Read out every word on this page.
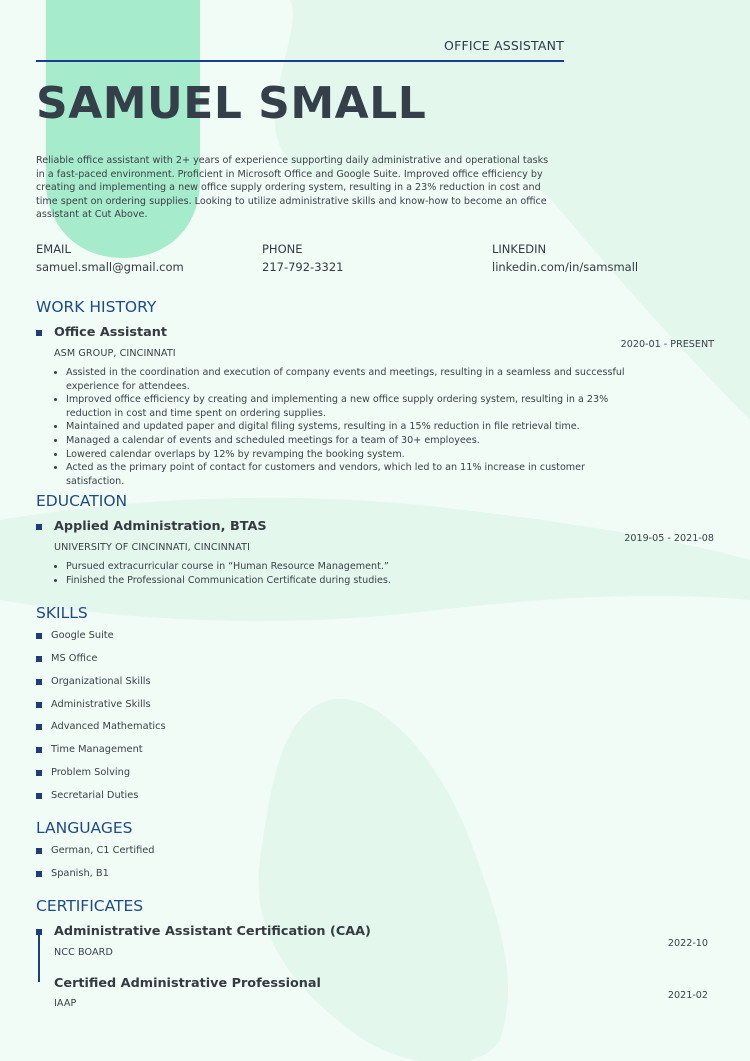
OFFICE ASSISTANT
SAMUEL SMALL

Reliable office assistant with 2+ years of experience supporting daily administrative and operational tasks in a fast-paced environment. Proficient in Microsoft Office and Google Suite. Improved office efficiency by creating and implementing a new office supply ordering system, resulting in a 23% reduction in cost and time spent on ordering supplies. Looking to utilize administrative skills and know-how to become an office assistant at Cut Above.

EMAIL
samuel.small@gmail.com
PHONE
217-792-3321
LINKEDIN
linkedin.com/in/samsmall
WORK HISTORY
Office Assistant
ASM GROUP, CINCINNATI
2020-01 - PRESENT
• Assisted in the coordination and execution of company events and meetings, resulting in a seamless and successful experience for attendees.
• Improved office efficiency by creating and implementing a new office supply ordering system, resulting in a 23% reduction in cost and time spent on ordering supplies.
• Maintained and updated paper and digital filing systems, resulting in a 15% reduction in file retrieval time.
• Managed a calendar of events and scheduled meetings for a team of 30+ employees.
• Lowered calendar overlaps by 12% by revamping the booking system.
• Acted as the primary point of contact for customers and vendors, which led to an 11% increase in customer satisfaction.
EDUCATION
Applied Administration, BTAS
UNIVERSITY OF CINCINNATI, CINCINNATI
2019-05 - 2021-08
• Pursued extracurricular course in “Human Resource Management.”
• Finished the Professional Communication Certificate during studies.
SKILLS
Google Suite
MS Office
Organizational Skills
Administrative Skills
Advanced Mathematics
Time Management
Problem Solving
Secretarial Duties
LANGUAGES
German, C1 Certified
Spanish, B1
CERTIFICATES
Administrative Assistant Certification (CAA)
NCC BOARD
2022-10
Certified Administrative Professional
IAAP
2021-02
